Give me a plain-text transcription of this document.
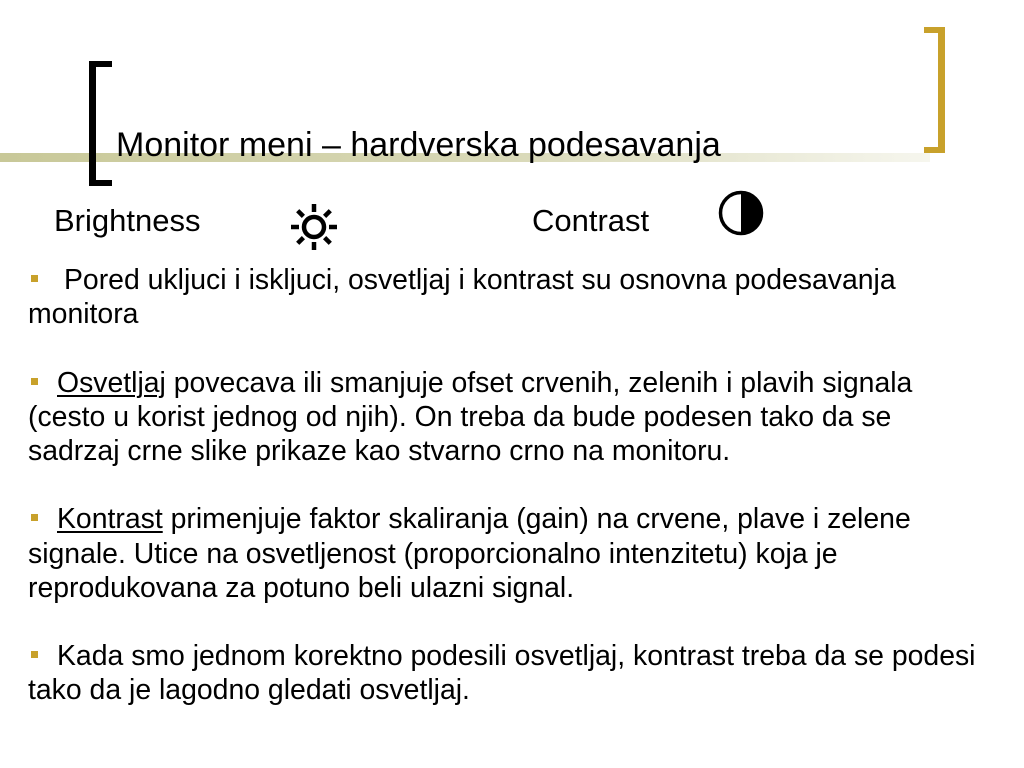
Monitor meni – hardverska podesavanja
Brightness	Contrast
Pored ukljuci i iskljuci, osvetljaj i kontrast su osnovna podesavanja
monitora
Osvetljaj povecava ili smanjuje ofset crvenih, zelenih i plavih signala
(cesto u korist jednog od njih). On treba da bude podesen tako da se
sadrzaj crne slike prikaze kao stvarno crno na monitoru.
Kontrast primenjuje faktor skaliranja (gain) na crvene, plave i zelene
signale. Utice na osvetljenost (proporcionalno intenzitetu) koja je
reprodukovana za potuno beli ulazni signal.
Kada smo jednom korektno podesili osvetljaj, kontrast treba da se podesi
tako da je lagodno gledati osvetljaj.
